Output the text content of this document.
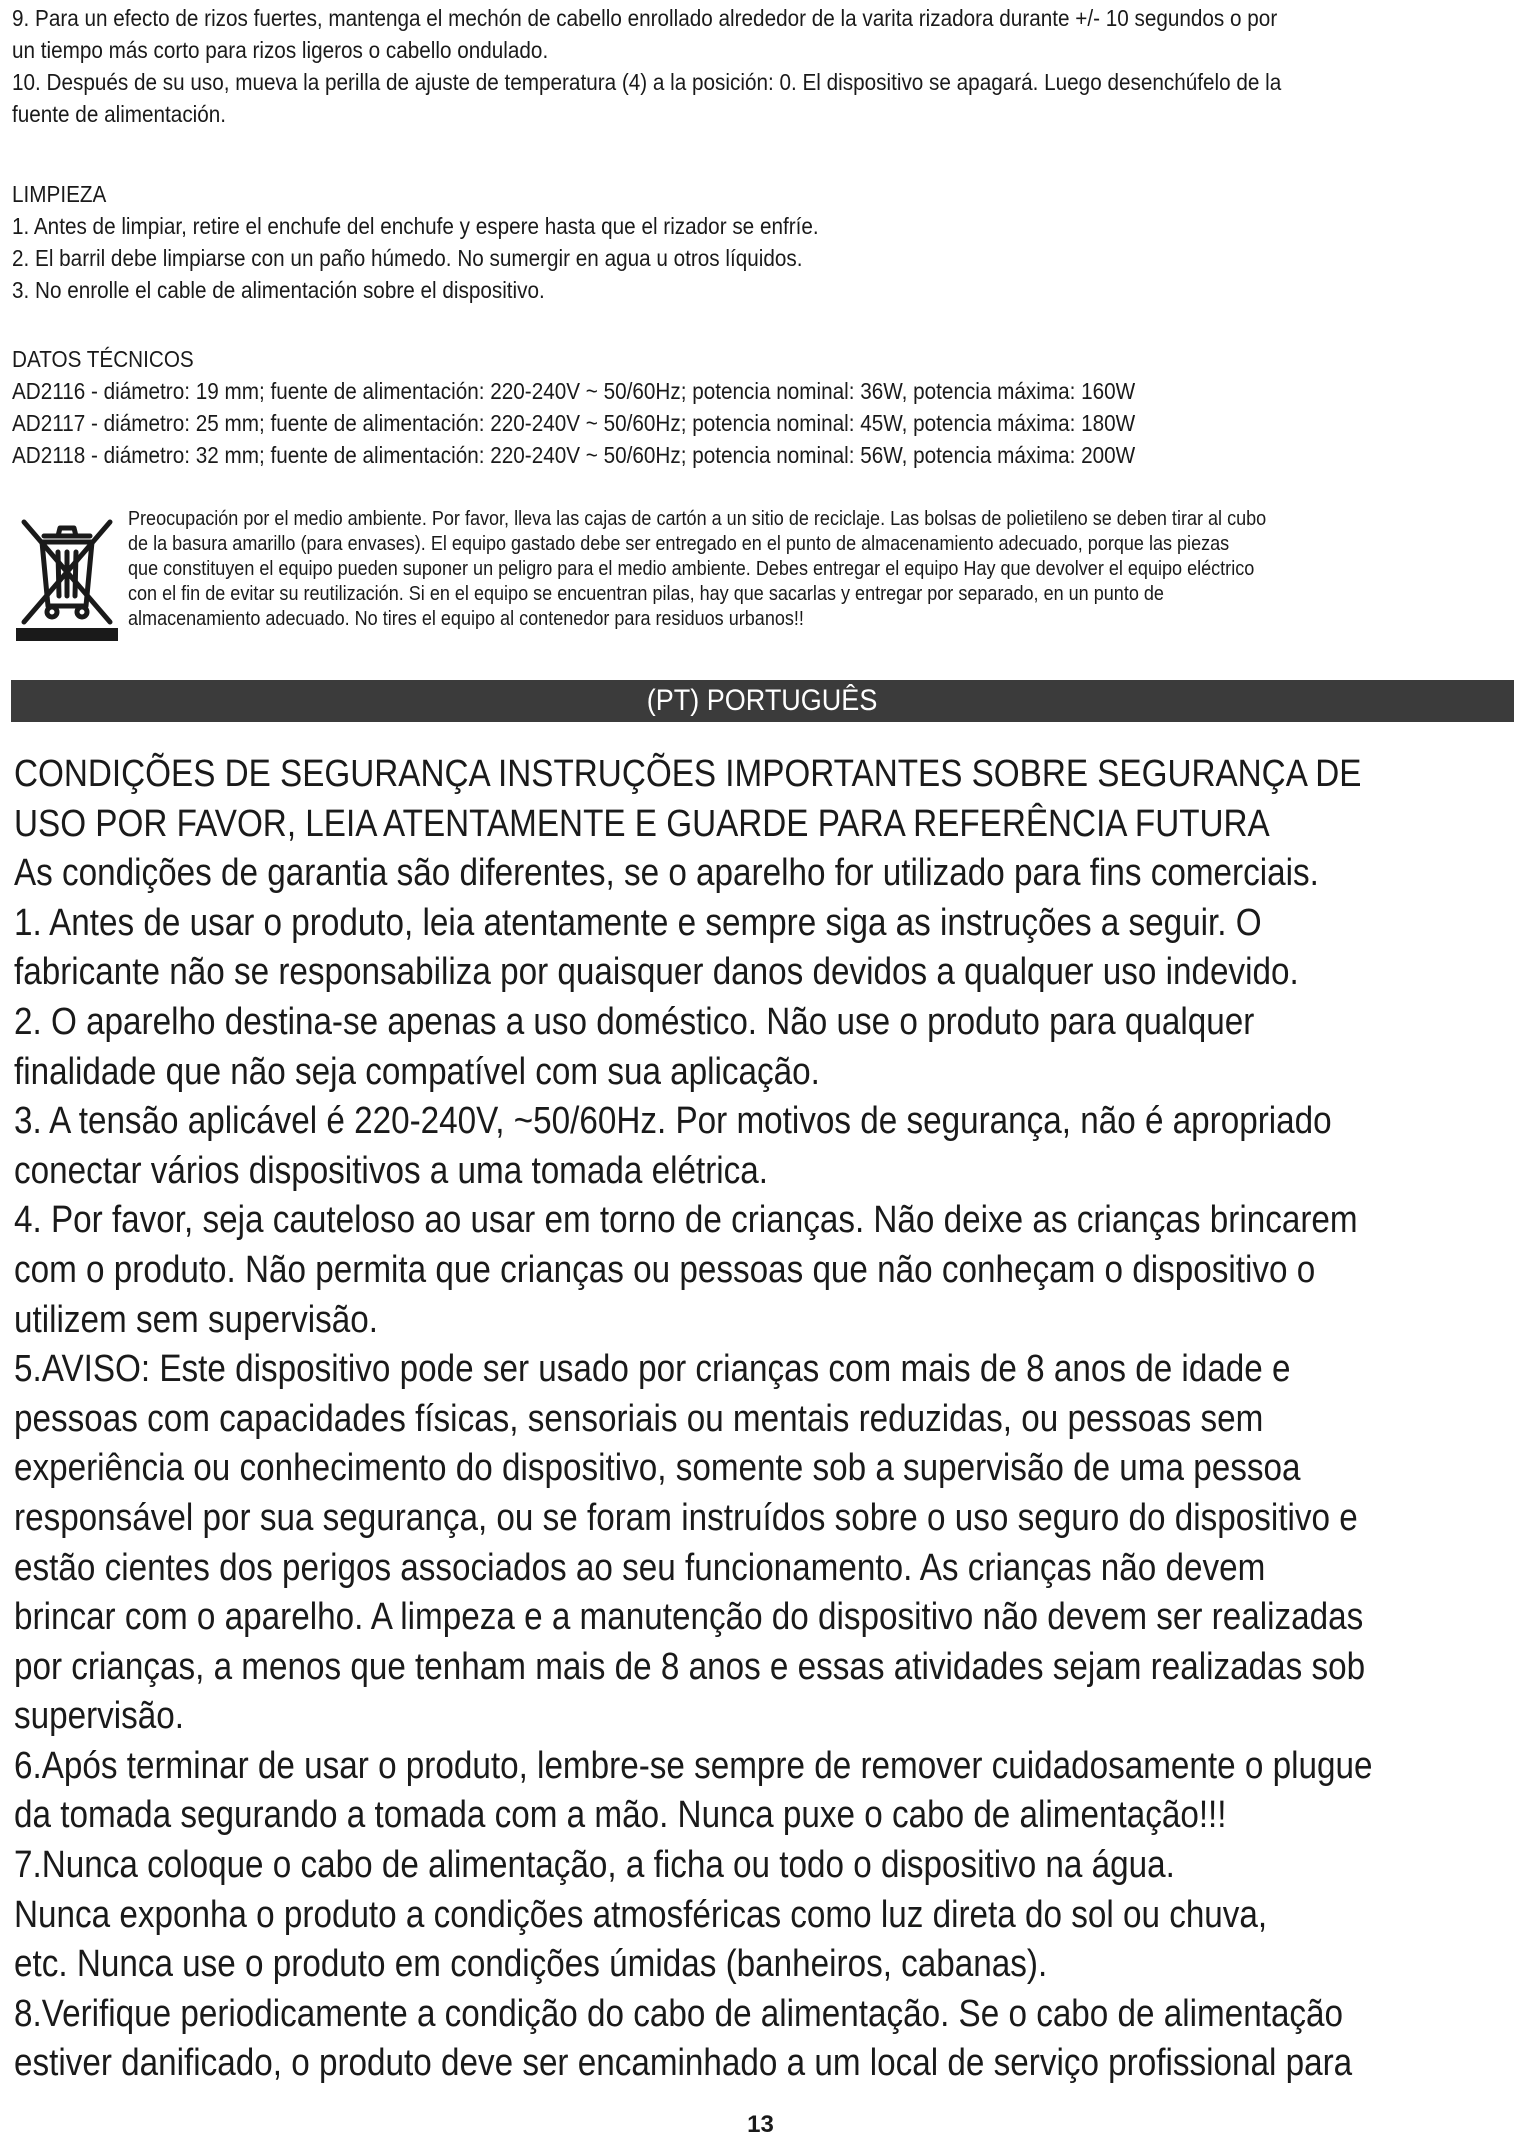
9. Para un efecto de rizos fuertes, mantenga el mechón de cabello enrollado alrededor de la varita rizadora durante +/- 10 segundos o por

un tiempo más corto para rizos ligeros o cabello ondulado.

10. Después de su uso, mueva la perilla de ajuste de temperatura (4) a la posición: 0. El dispositivo se apagará. Luego desenchúfelo de la

fuente de alimentación.

LIMPIEZA

1. Antes de limpiar, retire el enchufe del enchufe y espere hasta que el rizador se enfríe.

2. El barril debe limpiarse con un paño húmedo. No sumergir en agua u otros líquidos.

3. No enrolle el cable de alimentación sobre el dispositivo.

DATOS TÉCNICOS

AD2116 - diámetro: 19 mm; fuente de alimentación: 220-240V ~ 50/60Hz; potencia nominal: 36W, potencia máxima: 160W

AD2117 - diámetro: 25 mm; fuente de alimentación: 220-240V ~ 50/60Hz; potencia nominal: 45W, potencia máxima: 180W

AD2118 - diámetro: 32 mm; fuente de alimentación: 220-240V ~ 50/60Hz; potencia nominal: 56W, potencia máxima: 200W

Preocupación por el medio ambiente. Por favor, lleva las cajas de cartón a un sitio de reciclaje. Las bolsas de polietileno se deben tirar al cubo

de la basura amarillo (para envases). El equipo gastado debe ser entregado en el punto de almacenamiento adecuado, porque las piezas

que constituyen el equipo pueden suponer un peligro para el medio ambiente. Debes entregar el equipo Hay que devolver el equipo eléctrico

con el fin de evitar su reutilización. Si en el equipo se encuentran pilas, hay que sacarlas y entregar por separado, en un punto de

almacenamiento adecuado. No tires el equipo al contenedor para residuos urbanos!!

(PT) PORTUGUÊS

CONDIÇÕES DE SEGURANÇA INSTRUÇÕES IMPORTANTES SOBRE SEGURANÇA DE

USO POR FAVOR, LEIA ATENTAMENTE E GUARDE PARA REFERÊNCIA FUTURA

As condições de garantia são diferentes, se o aparelho for utilizado para fins comerciais.

1. Antes de usar o produto, leia atentamente e sempre siga as instruções a seguir. O

fabricante não se responsabiliza por quaisquer danos devidos a qualquer uso indevido.

2. O aparelho destina-se apenas a uso doméstico. Não use o produto para qualquer

finalidade que não seja compatível com sua aplicação.

3. A tensão aplicável é 220-240V, ~50/60Hz. Por motivos de segurança, não é apropriado

conectar vários dispositivos a uma tomada elétrica.

4. Por favor, seja cauteloso ao usar em torno de crianças. Não deixe as crianças brincarem

com o produto. Não permita que crianças ou pessoas que não conheçam o dispositivo o

utilizem sem supervisão.

5.AVISO: Este dispositivo pode ser usado por crianças com mais de 8 anos de idade e

pessoas com capacidades físicas, sensoriais ou mentais reduzidas, ou pessoas sem

experiência ou conhecimento do dispositivo, somente sob a supervisão de uma pessoa

responsável por sua segurança, ou se foram instruídos sobre o uso seguro do dispositivo e

estão cientes dos perigos associados ao seu funcionamento. As crianças não devem

brincar com o aparelho. A limpeza e a manutenção do dispositivo não devem ser realizadas

por crianças, a menos que tenham mais de 8 anos e essas atividades sejam realizadas sob

supervisão.

6.Após terminar de usar o produto, lembre-se sempre de remover cuidadosamente o plugue

da tomada segurando a tomada com a mão. Nunca puxe o cabo de alimentação!!!

7.Nunca coloque o cabo de alimentação, a ficha ou todo o dispositivo na água.

Nunca exponha o produto a condições atmosféricas como luz direta do sol ou chuva,

etc. Nunca use o produto em condições úmidas (banheiros, cabanas).

8.Verifique periodicamente a condição do cabo de alimentação. Se o cabo de alimentação

estiver danificado, o produto deve ser encaminhado a um local de serviço profissional para

13
